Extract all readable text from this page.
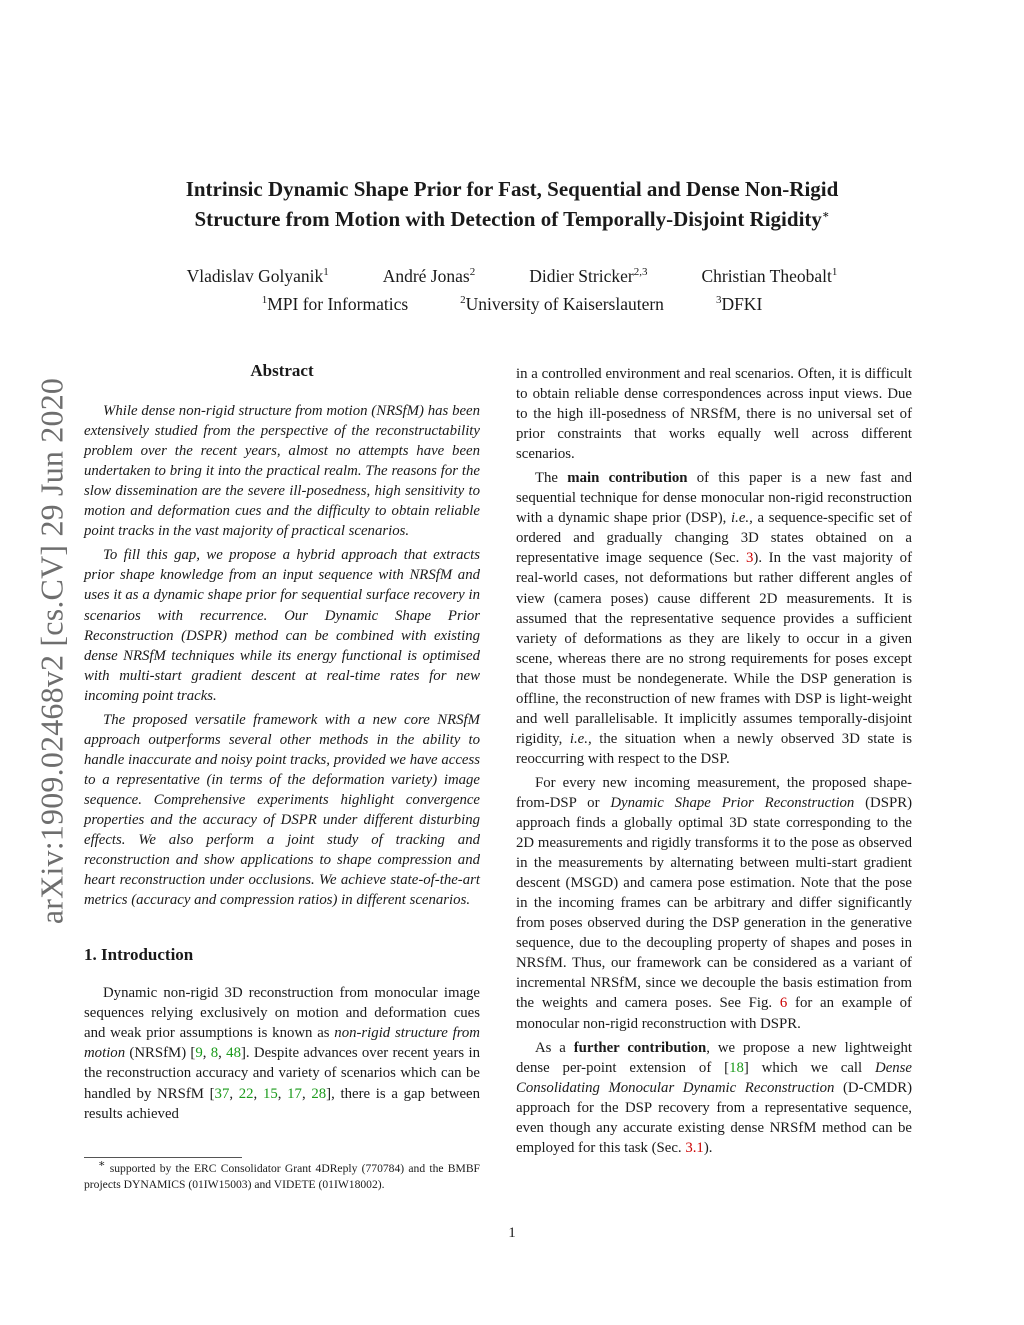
arXiv:1909.02468v2 [cs.CV] 29 Jun 2020
Intrinsic Dynamic Shape Prior for Fast, Sequential and Dense Non-Rigid
Structure from Motion with Detection of Temporally-Disjoint Rigidity∗
Vladislav Golyanik$^1$	André Jonas$^2$	Didier Stricker$^{2,3}$	Christian Theobalt$^1$
$^1$MPI for Informatics	$^2$University of Kaiserslautern	$^3$DFKI
Abstract

While dense non-rigid structure from motion (NRSfM) has been extensively studied from the perspective of the reconstructability problem over the recent years, almost no attempts have been undertaken to bring it into the practical realm. The reasons for the slow dissemination are the severe ill-posedness, high sensitivity to motion and deformation cues and the difficulty to obtain reliable point tracks in the vast majority of practical scenarios.

To fill this gap, we propose a hybrid approach that extracts prior shape knowledge from an input sequence with NRSfM and uses it as a dynamic shape prior for sequential surface recovery in scenarios with recurrence. Our Dynamic Shape Prior Reconstruction (DSPR) method can be combined with existing dense NRSfM techniques while its energy functional is optimised with multi-start gradient descent at real-time rates for new incoming point tracks.

The proposed versatile framework with a new core NRSfM approach outperforms several other methods in the ability to handle inaccurate and noisy point tracks, provided we have access to a representative (in terms of the deformation variety) image sequence. Comprehensive experiments highlight convergence properties and the accuracy of DSPR under different disturbing effects. We also perform a joint study of tracking and reconstruction and show applications to shape compression and heart reconstruction under occlusions. We achieve state-of-the-art metrics (accuracy and compression ratios) in different scenarios.

1. Introduction

Dynamic non-rigid 3D reconstruction from monocular image sequences relying exclusively on motion and deformation cues and weak prior assumptions is known as non-rigid structure from motion (NRSfM) [9, 8, 48]. Despite advances over recent years in the reconstruction accuracy and variety of scenarios which can be handled by NRSfM [37, 22, 15, 17, 28], there is a gap between results achieved

∗ supported by the ERC Consolidator Grant 4DReply (770784) and the BMBF projects DYNAMICS (01IW15003) and VIDETE (01IW18002).

in a controlled environment and real scenarios. Often, it is difficult to obtain reliable dense correspondences across input views. Due to the high ill-posedness of NRSfM, there is no universal set of prior constraints that works equally well across different scenarios.

The main contribution of this paper is a new fast and sequential technique for dense monocular non-rigid reconstruction with a dynamic shape prior (DSP), i.e., a sequence-specific set of ordered and gradually changing 3D states obtained on a representative image sequence (Sec. 3). In the vast majority of real-world cases, not deformations but rather different angles of view (camera poses) cause different 2D measurements. It is assumed that the representative sequence provides a sufficient variety of deformations as they are likely to occur in a given scene, whereas there are no strong requirements for poses except that those must be nondegenerate. While the DSP generation is offline, the reconstruction of new frames with DSP is light-weight and well parallelisable. It implicitly assumes temporally-disjoint rigidity, i.e., the situation when a newly observed 3D state is reoccurring with respect to the DSP.

For every new incoming measurement, the proposed shape-from-DSP or Dynamic Shape Prior Reconstruction (DSPR) approach finds a globally optimal 3D state corresponding to the 2D measurements and rigidly transforms it to the pose as observed in the measurements by alternating between multi-start gradient descent (MSGD) and camera pose estimation. Note that the pose in the incoming frames can be arbitrary and differ significantly from poses observed during the DSP generation in the generative sequence, due to the decoupling property of shapes and poses in NRSfM. Thus, our framework can be considered as a variant of incremental NRSfM, since we decouple the basis estimation from the weights and camera poses. See Fig. 6 for an example of monocular non-rigid reconstruction with DSPR.

As a further contribution, we propose a new lightweight dense per-point extension of [18] which we call Dense Consolidating Monocular Dynamic Reconstruction (D-CMDR) approach for the DSP recovery from a representative sequence, even though any accurate existing dense NRSfM method can be employed for this task (Sec. 3.1).

1
